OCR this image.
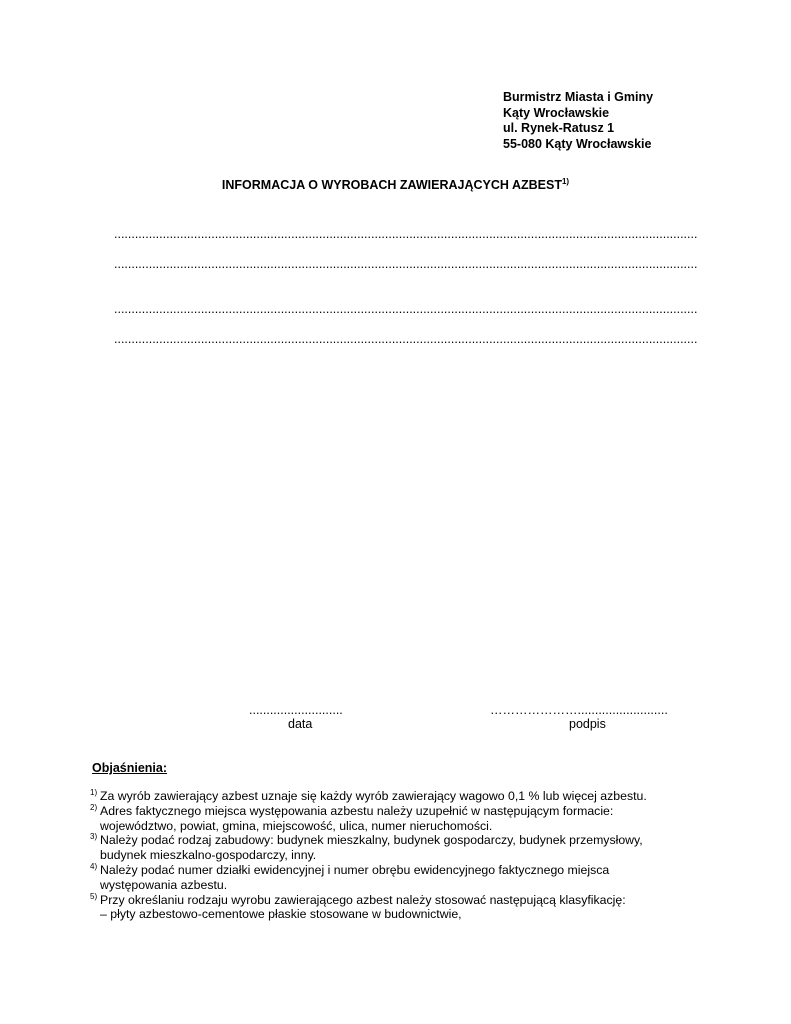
Burmistrz Miasta i Gminy
Kąty Wrocławskie
ul. Rynek-Ratusz 1
55-080 Kąty Wrocławskie
INFORMACJA O WYROBACH ZAWIERAJĄCYCH AZBEST$^{1)}$
.....
.....
.....
.....
...........................
data
…………………..........................
podpis
Objaśnienia:
1) Za wyrób zawierający azbest uznaje się każdy wyrób zawierający wagowo 0,1 % lub więcej azbestu.
2) Adres faktycznego miejsca występowania azbestu należy uzupełnić w następującym formacie:
województwo, powiat, gmina, miejscowość, ulica, numer nieruchomości.
3) Należy podać rodzaj zabudowy: budynek mieszkalny, budynek gospodarczy, budynek przemysłowy,
budynek mieszkalno-gospodarczy, inny.
4) Należy podać numer działki ewidencyjnej i numer obrębu ewidencyjnego faktycznego miejsca
występowania azbestu.
5) Przy określaniu rodzaju wyrobu zawierającego azbest należy stosować następującą klasyfikację:
– płyty azbestowo-cementowe płaskie stosowane w budownictwie,
